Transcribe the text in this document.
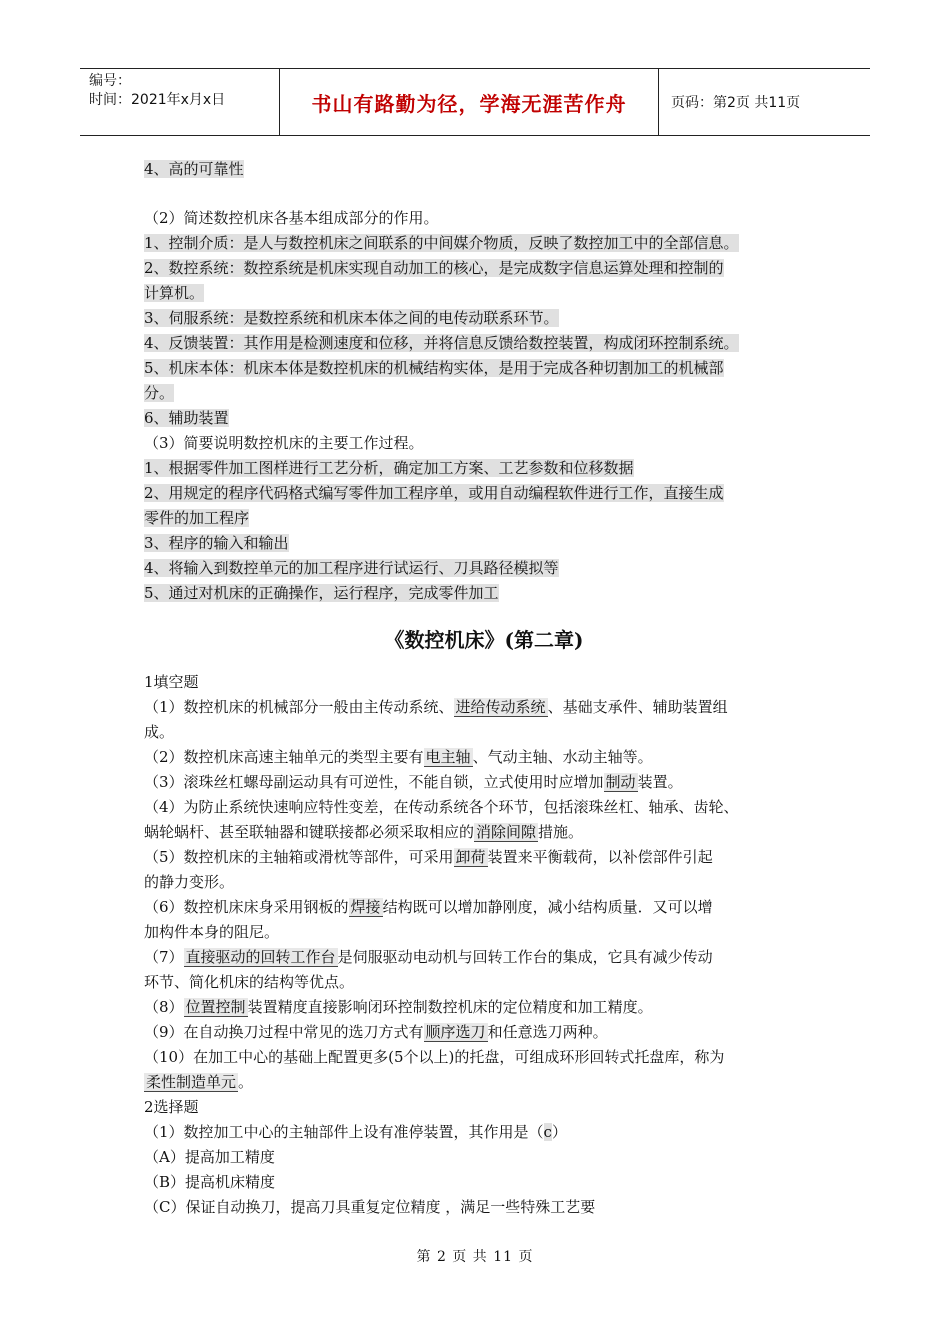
编号：
时间：2021年x月x日	书山有路勤为径，学海无涯苦作舟	页码：第2页 共11页
4、高的可靠性
（2）简述数控机床各基本组成部分的作用。
1、控制介质：是人与数控机床之间联系的中间媒介物质，反映了数控加工中的全部信息。
2、数控系统：数控系统是机床实现自动加工的核心，是完成数字信息运算处理和控制的
计算机。
3、伺服系统：是数控系统和机床本体之间的电传动联系环节。
4、反馈装置：其作用是检测速度和位移，并将信息反馈给数控装置，构成闭环控制系统。
5、机床本体：机床本体是数控机床的机械结构实体，是用于完成各种切割加工的机械部
分。
6、辅助装置
（3）简要说明数控机床的主要工作过程。
1、根据零件加工图样进行工艺分析，确定加工方案、工艺参数和位移数据
2、用规定的程序代码格式编写零件加工程序单，或用自动编程软件进行工作，直接生成
零件的加工程序
3、程序的输入和输出
4、将输入到数控单元的加工程序进行试运行、刀具路径模拟等
5、通过对机床的正确操作，运行程序，完成零件加工
《数控机床》(第二章)
1填空题
（1）数控机床的机械部分一般由主传动系统、 进给传动系统 、基础支承件、辅助装置组
成。
（2）数控机床高速主轴单元的类型主要有 电主轴 、气动主轴、水动主轴等。
（3）滚珠丝杠螺母副运动具有可逆性，不能自锁，立式使用时应增加 制动 装置。
（4）为防止系统快速响应特性变差，在传动系统各个环节，包括滚珠丝杠、轴承、齿轮、
蜗轮蜗杆、甚至联轴器和键联接都必须采取相应的 消除间隙 措施。
（5）数控机床的主轴箱或滑枕等部件，可采用 卸荷 装置来平衡载荷，以补偿部件引起
的静力变形。
（6）数控机床床身采用钢板的 焊接 结构既可以增加静刚度，减小结构质量．又可以增
加构件本身的阻尼。
（7） 直接驱动的回转工作台 是伺服驱动电动机与回转工作台的集成，它具有减少传动
环节、简化机床的结构等优点。
（8） 位置控制 装置精度直接影响闭环控制数控机床的定位精度和加工精度。
（9）在自动换刀过程中常见的选刀方式有 顺序选刀 和任意选刀两种。
（10）在加工中心的基础上配置更多(5个以上)的托盘，可组成环形回转式托盘库，称为
柔性制造单元 。
2选择题
（1）数控加工中心的主轴部件上设有准停装置，其作用是（c）
（A）提高加工精度
（B）提高机床精度
（C）保证自动换刀，提高刀具重复定位精度 ，满足一些特殊工艺要
第 2 页 共 11 页
